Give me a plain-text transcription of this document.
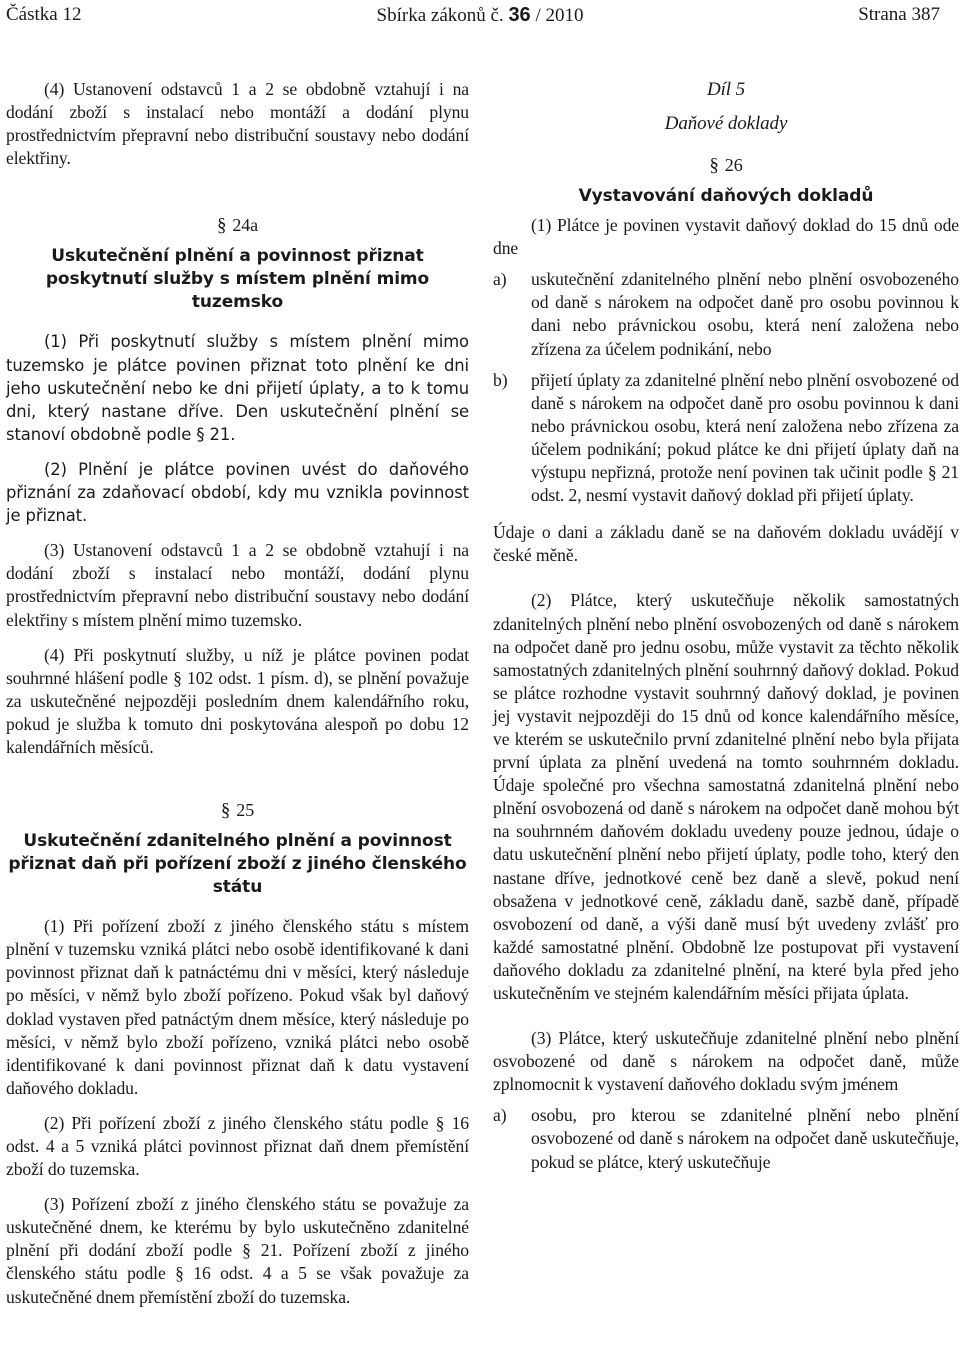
Částka 12	Sbírka zákonů č. 36 / 2010	Strana 387

(4) Ustanovení odstavců 1 a 2 se obdobně vztahují i na dodání zboží s instalací nebo montáží a dodání plynu prostřednictvím přepravní nebo distribuční soustavy nebo dodání elektřiny.

§ 24a
Uskutečnění plnění a povinnost přiznat poskytnutí služby s místem plnění mimo tuzemsko

(1) Při poskytnutí služby s místem plnění mimo tuzemsko je plátce povinen přiznat toto plnění ke dni jeho uskutečnění nebo ke dni přijetí úplaty, a to k tomu dni, který nastane dříve. Den uskutečnění plnění se stanoví obdobně podle § 21.

(2) Plnění je plátce povinen uvést do daňového přiznání za zdaňovací období, kdy mu vznikla povinnost je přiznat.

(3) Ustanovení odstavců 1 a 2 se obdobně vztahují i na dodání zboží s instalací nebo montáží, dodání plynu prostřednictvím přepravní nebo distribuční soustavy nebo dodání elektřiny s místem plnění mimo tuzemsko.

(4) Při poskytnutí služby, u níž je plátce povinen podat souhrnné hlášení podle § 102 odst. 1 písm. d), se plnění považuje za uskutečněné nejpozději posledním dnem kalendářního roku, pokud je služba k tomuto dni poskytována alespoň po dobu 12 kalendářních měsíců.

§ 25
Uskutečnění zdanitelného plnění a povinnost přiznat daň při pořízení zboží z jiného členského státu

(1) Při pořízení zboží z jiného členského státu s místem plnění v tuzemsku vzniká plátci nebo osobě identifikované k dani povinnost přiznat daň k patnáctému dni v měsíci, který následuje po měsíci, v němž bylo zboží pořízeno. Pokud však byl daňový doklad vystaven před patnáctým dnem měsíce, který následuje po měsíci, v němž bylo zboží pořízeno, vzniká plátci nebo osobě identifikované k dani povinnost přiznat daň k datu vystavení daňového dokladu.

(2) Při pořízení zboží z jiného členského státu podle § 16 odst. 4 a 5 vzniká plátci povinnost přiznat daň dnem přemístění zboží do tuzemska.

(3) Pořízení zboží z jiného členského státu se považuje za uskutečněné dnem, ke kterému by bylo uskutečněno zdanitelné plnění při dodání zboží podle § 21. Pořízení zboží z jiného členského státu podle § 16 odst. 4 a 5 se však považuje za uskutečněné dnem přemístění zboží do tuzemska.

Díl 5
Daňové doklady
§ 26
Vystavování daňových dokladů

(1) Plátce je povinen vystavit daňový doklad do 15 dnů ode dne

a)	uskutečnění zdanitelného plnění nebo plnění osvobozeného od daně s nárokem na odpočet daně pro osobu povinnou k dani nebo právnickou osobu, která není založena nebo zřízena za účelem podnikání, nebo
b)	přijetí úplaty za zdanitelné plnění nebo plnění osvobozené od daně s nárokem na odpočet daně pro osobu povinnou k dani nebo právnickou osobu, která není založena nebo zřízena za účelem podnikání; pokud plátce ke dni přijetí úplaty daň na výstupu nepřizná, protože není povinen tak učinit podle § 21 odst. 2, nesmí vystavit daňový doklad při přijetí úplaty.

Údaje o dani a základu daně se na daňovém dokladu uvádějí v české měně.

(2) Plátce, který uskutečňuje několik samostatných zdanitelných plnění nebo plnění osvobozených od daně s nárokem na odpočet daně pro jednu osobu, může vystavit za těchto několik samostatných zdanitelných plnění souhrnný daňový doklad. Pokud se plátce rozhodne vystavit souhrnný daňový doklad, je povinen jej vystavit nejpozději do 15 dnů od konce kalendářního měsíce, ve kterém se uskutečnilo první zdanitelné plnění nebo byla přijata první úplata za plnění uvedená na tomto souhrnném dokladu. Údaje společné pro všechna samostatná zdanitelná plnění nebo plnění osvobozená od daně s nárokem na odpočet daně mohou být na souhrnném daňovém dokladu uvedeny pouze jednou, údaje o datu uskutečnění plnění nebo přijetí úplaty, podle toho, který den nastane dříve, jednotkové ceně bez daně a slevě, pokud není obsažena v jednotkové ceně, základu daně, sazbě daně, případě osvobození od daně, a výši daně musí být uvedeny zvlášť pro každé samostatné plnění. Obdobně lze postupovat při vystavení daňového dokladu za zdanitelné plnění, na které byla před jeho uskutečněním ve stejném kalendářním měsíci přijata úplata.

(3) Plátce, který uskutečňuje zdanitelné plnění nebo plnění osvobozené od daně s nárokem na odpočet daně, může zplnomocnit k vystavení daňového dokladu svým jménem

a)	osobu, pro kterou se zdanitelné plnění nebo plnění osvobozené od daně s nárokem na odpočet daně uskutečňuje, pokud se plátce, který uskutečňuje
